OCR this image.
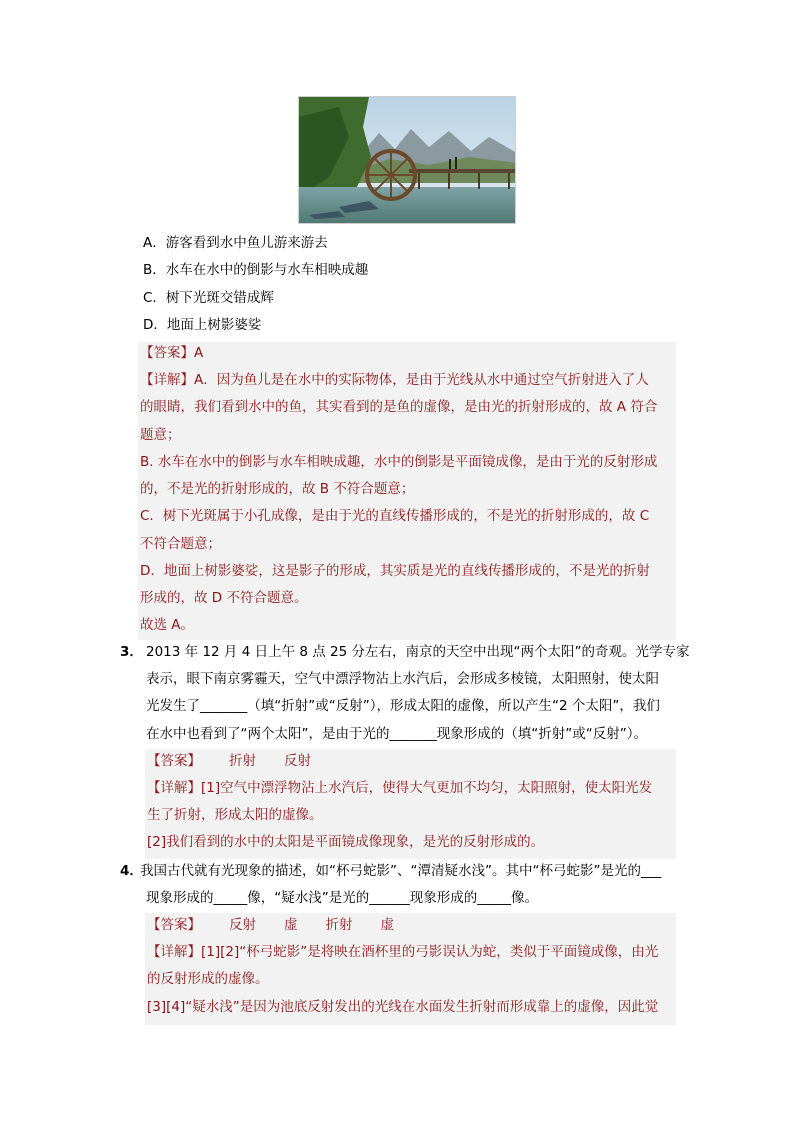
A．游客看到水中鱼儿游来游去
B．水车在水中的倒影与水车相映成趣
C．树下光斑交错成辉
D．地面上树影婆娑
【答案】A
【详解】A．因为鱼儿是在水中的实际物体，是由于光线从水中通过空气折射进入了人
的眼睛，我们看到水中的鱼，其实看到的是鱼的虚像，是由光的折射形成的，故 A 符合
题意；
B. 水车在水中的倒影与水车相映成趣，水中的倒影是平面镜成像，是由于光的反射形成
的，不是光的折射形成的，故 B 不符合题意；
C．树下光斑属于小孔成像，是由于光的直线传播形成的，不是光的折射形成的，故 C
不符合题意；
D．地面上树影婆娑，这是影子的形成，其实质是光的直线传播形成的，不是光的折射
形成的，故 D 不符合题意。
故选 A。
3． 2013 年 12 月 4 日上午 8 点 25 分左右，南京的天空中出现“两个太阳”的奇观。光学专家
表示，眼下南京雾霾天，空气中漂浮物沾上水汽后，会形成多棱镜，太阳照射，使太阳
光发生了_______（填“折射”或“反射”），形成太阳的虚像，所以产生“2 个太阳”，我们
在水中也看到了“两个太阳”，是由于光的_______现象形成的（填“折射”或“反射”）。
【答案】 折射 反射
【详解】[1]空气中漂浮物沾上水汽后，使得大气更加不均匀，太阳照射，使太阳光发
生了折射，形成太阳的虚像。
[2]我们看到的水中的太阳是平面镜成像现象，是光的反射形成的。
4．
我国古代就有光现象的描述，如“杯弓蛇影”、“潭清疑水浅”。其中“杯弓蛇影”是光的___
现象形成的_____像，“疑水浅”是光的______现象形成的_____像。
【答案】 反射 虚 折射 虚
【详解】[1][2]“杯弓蛇影”是将映在酒杯里的弓影误认为蛇，类似于平面镜成像，由光
的反射形成的虚像。
[3][4]“疑水浅”是因为池底反射发出的光线在水面发生折射而形成靠上的虚像，因此觉
